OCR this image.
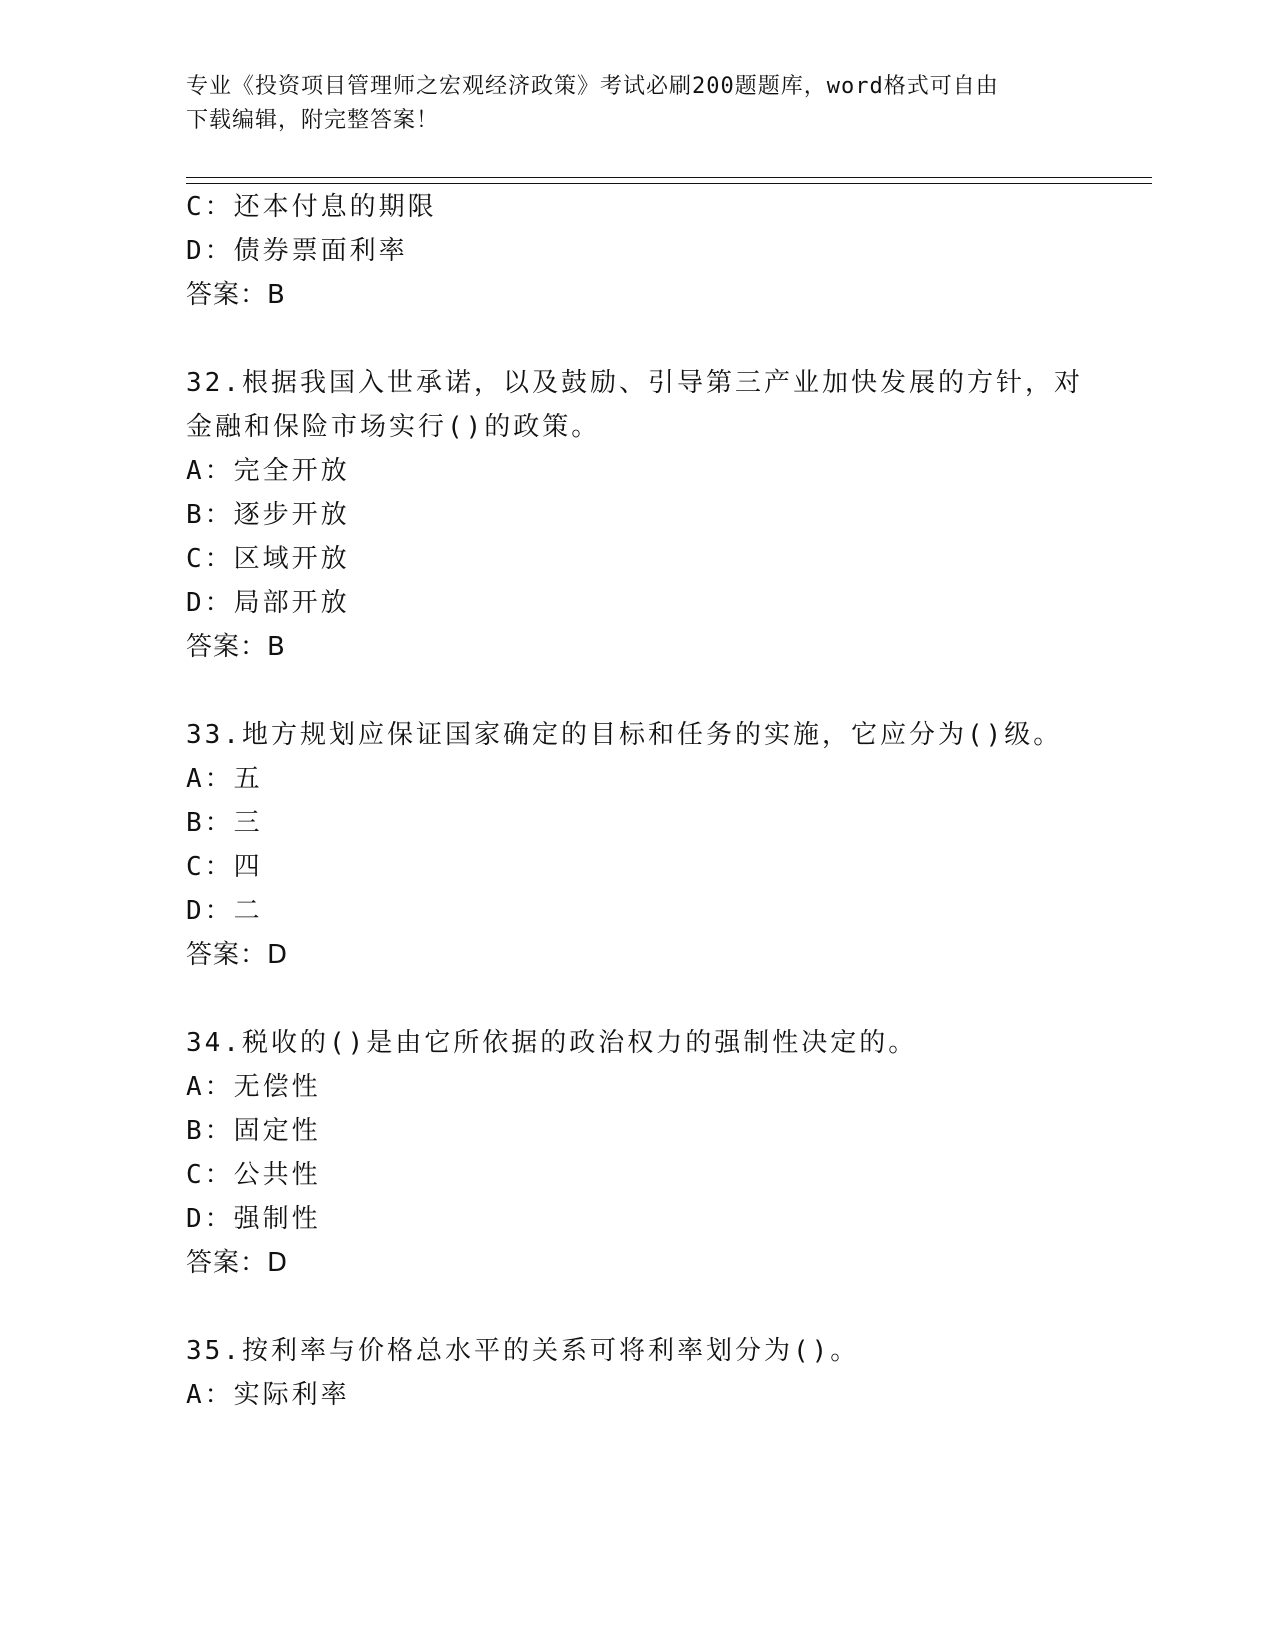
专业《投资项目管理师之宏观经济政策》考试必刷200题题库，word格式可自由
下载编辑，附完整答案！
C：还本付息的期限
D：债券票面利率
答案：B
32.根据我国入世承诺，以及鼓励、引导第三产业加快发展的方针，对
金融和保险市场实行()的政策。
A：完全开放
B：逐步开放
C：区域开放
D：局部开放
答案：B
33.地方规划应保证国家确定的目标和任务的实施，它应分为()级。
A：五
B：三
C：四
D：二
答案：D
34.税收的()是由它所依据的政治权力的强制性决定的。
A：无偿性
B：固定性
C：公共性
D：强制性
答案：D
35.按利率与价格总水平的关系可将利率划分为()。
A：实际利率
